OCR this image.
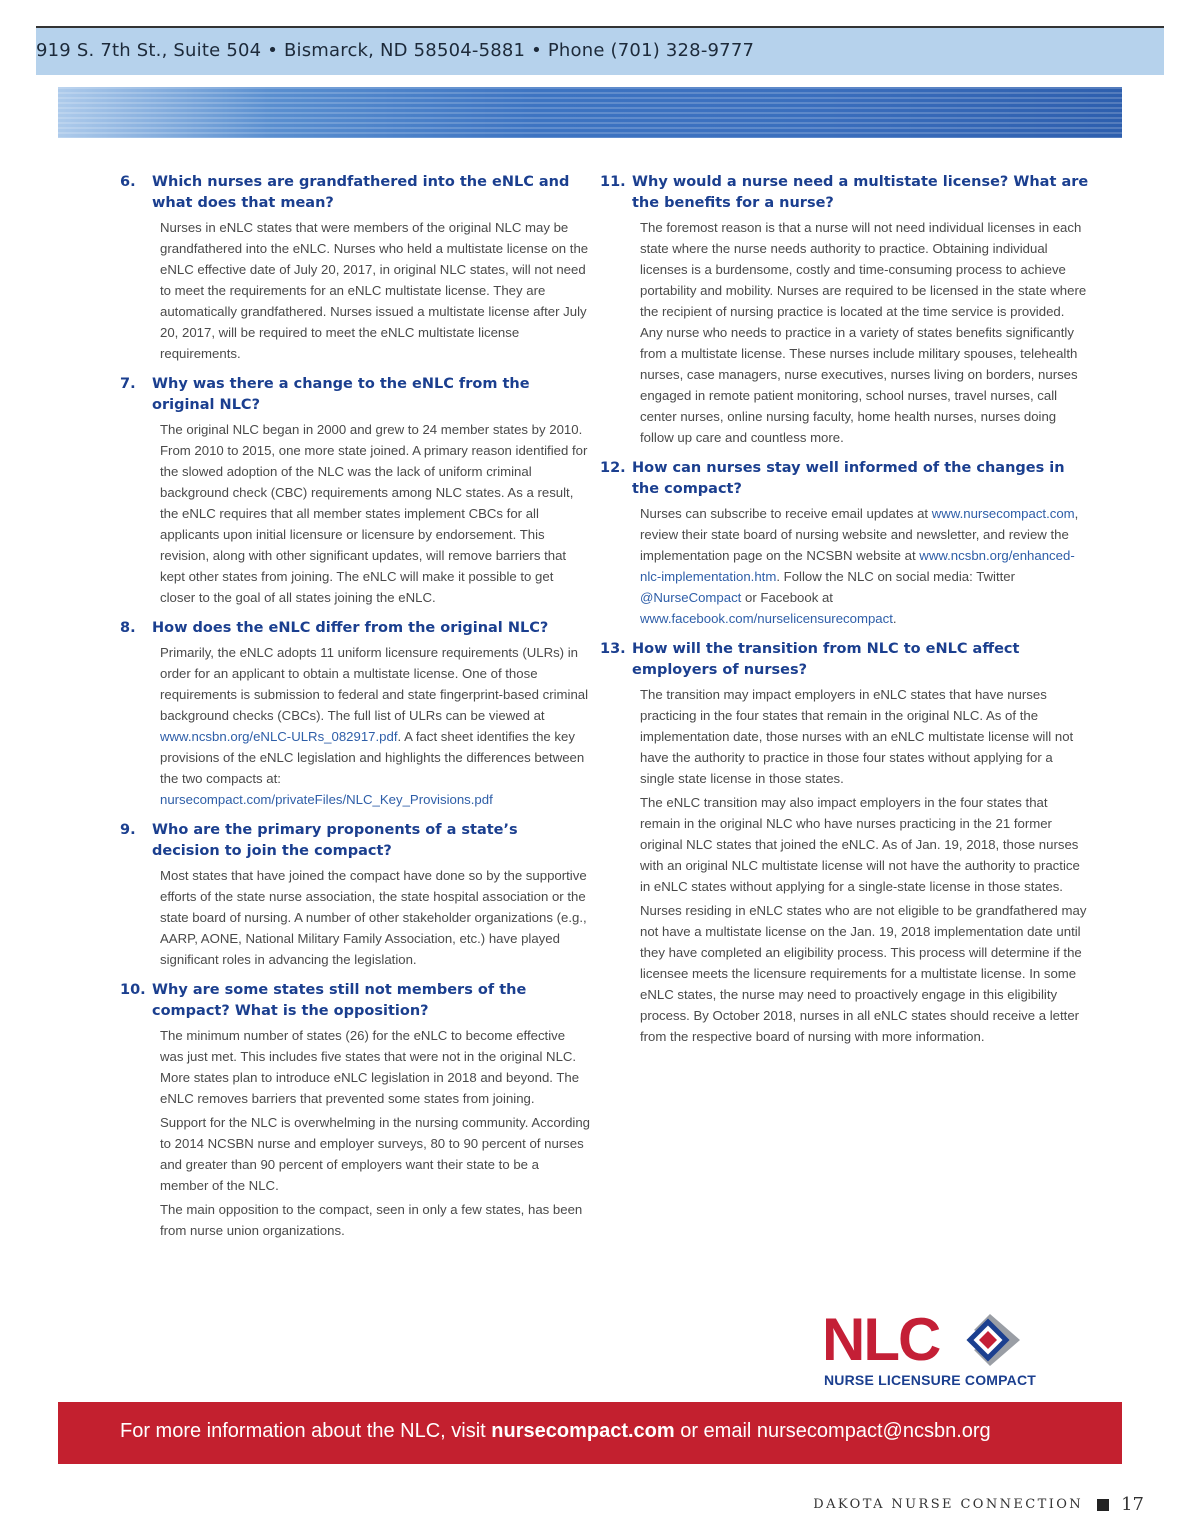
919 S. 7th St., Suite 504 • Bismarck, ND 58504-5881 • Phone (701) 328-9777
6.	Which nurses are grandfathered into the eNLC and what does that mean?

Nurses in eNLC states that were members of the original NLC may be grandfathered into the eNLC. Nurses who held a multistate license on the eNLC effective date of July 20, 2017, in original NLC states, will not need to meet the requirements for an eNLC multistate license. They are automatically grandfathered. Nurses issued a multistate license after July 20, 2017, will be required to meet the eNLC multistate license requirements.

7.	Why was there a change to the eNLC from the original NLC?

The original NLC began in 2000 and grew to 24 member states by 2010. From 2010 to 2015, one more state joined. A primary reason identified for the slowed adoption of the NLC was the lack of uniform criminal background check (CBC) requirements among NLC states. As a result, the eNLC requires that all member states implement CBCs for all applicants upon initial licensure or licensure by endorsement. This revision, along with other significant updates, will remove barriers that kept other states from joining. The eNLC will make it possible to get closer to the goal of all states joining the eNLC.

8.	How does the eNLC differ from the original NLC?

Primarily, the eNLC adopts 11 uniform licensure requirements (ULRs) in order for an applicant to obtain a multistate license. One of those requirements is submission to federal and state fingerprint-based criminal background checks (CBCs). The full list of ULRs can be viewed at www.ncsbn.org/eNLC-ULRs_082917.pdf. A fact sheet identifies the key provisions of the eNLC legislation and highlights the differences between the two compacts at:
nursecompact.com/privateFiles/NLC_Key_Provisions.pdf

9.	Who are the primary proponents of a state’s decision to join the compact?

Most states that have joined the compact have done so by the supportive efforts of the state nurse association, the state hospital association or the state board of nursing. A number of other stakeholder organizations (e.g., AARP, AONE, National Military Family Association, etc.) have played significant roles in advancing the legislation.

10. Why are some states still not members of the compact? What is the opposition?

The minimum number of states (26) for the eNLC to become effective was just met. This includes five states that were not in the original NLC. More states plan to introduce eNLC legislation in 2018 and beyond. The eNLC removes barriers that prevented some states from joining.

Support for the NLC is overwhelming in the nursing community. According to 2014 NCSBN nurse and employer surveys, 80 to 90 percent of nurses and greater than 90 percent of employers want their state to be a member of the NLC.

The main opposition to the compact, seen in only a few states, has been from nurse union organizations.

11. Why would a nurse need a multistate license? What are the benefits for a nurse?

The foremost reason is that a nurse will not need individual licenses in each state where the nurse needs authority to practice. Obtaining individual licenses is a burdensome, costly and time-consuming process to achieve portability and mobility. Nurses are required to be licensed in the state where the recipient of nursing practice is located at the time service is provided. Any nurse who needs to practice in a variety of states benefits significantly from a multistate license. These nurses include military spouses, telehealth nurses, case managers, nurse executives, nurses living on borders, nurses engaged in remote patient monitoring, school nurses, travel nurses, call center nurses, online nursing faculty, home health nurses, nurses doing follow up care and countless more.

12. How can nurses stay well informed of the changes in the compact?

Nurses can subscribe to receive email updates at www.nursecompact.com, review their state board of nursing website and newsletter, and review the implementation page on the NCSBN website at www.ncsbn.org/enhanced-nlc-implementation.htm. Follow the NLC on social media: Twitter @NurseCompact or Facebook at www.facebook.com/nurselicensurecompact.

13. How will the transition from NLC to eNLC affect employers of nurses?

The transition may impact employers in eNLC states that have nurses practicing in the four states that remain in the original NLC. As of the implementation date, those nurses with an eNLC multistate license will not have the authority to practice in those four states without applying for a single state license in those states.

The eNLC transition may also impact employers in the four states that remain in the original NLC who have nurses practicing in the 21 former original NLC states that joined the eNLC. As of Jan. 19, 2018, those nurses with an original NLC multistate license will not have the authority to practice in eNLC states without applying for a single-state license in those states.

Nurses residing in eNLC states who are not eligible to be grandfathered may not have a multistate license on the Jan. 19, 2018 implementation date until they have completed an eligibility process. This process will determine if the licensee meets the licensure requirements for a multistate license. In some eNLC states, the nurse may need to proactively engage in this eligibility process. By October 2018, nurses in all eNLC states should receive a letter from the respective board of nursing with more information.

NLC
NURSE LICENSURE COMPACT
For more information about the NLC, visit nursecompact.com or email nursecompact@ncsbn.org
DAKOTA NURSE CONNECTION 17
